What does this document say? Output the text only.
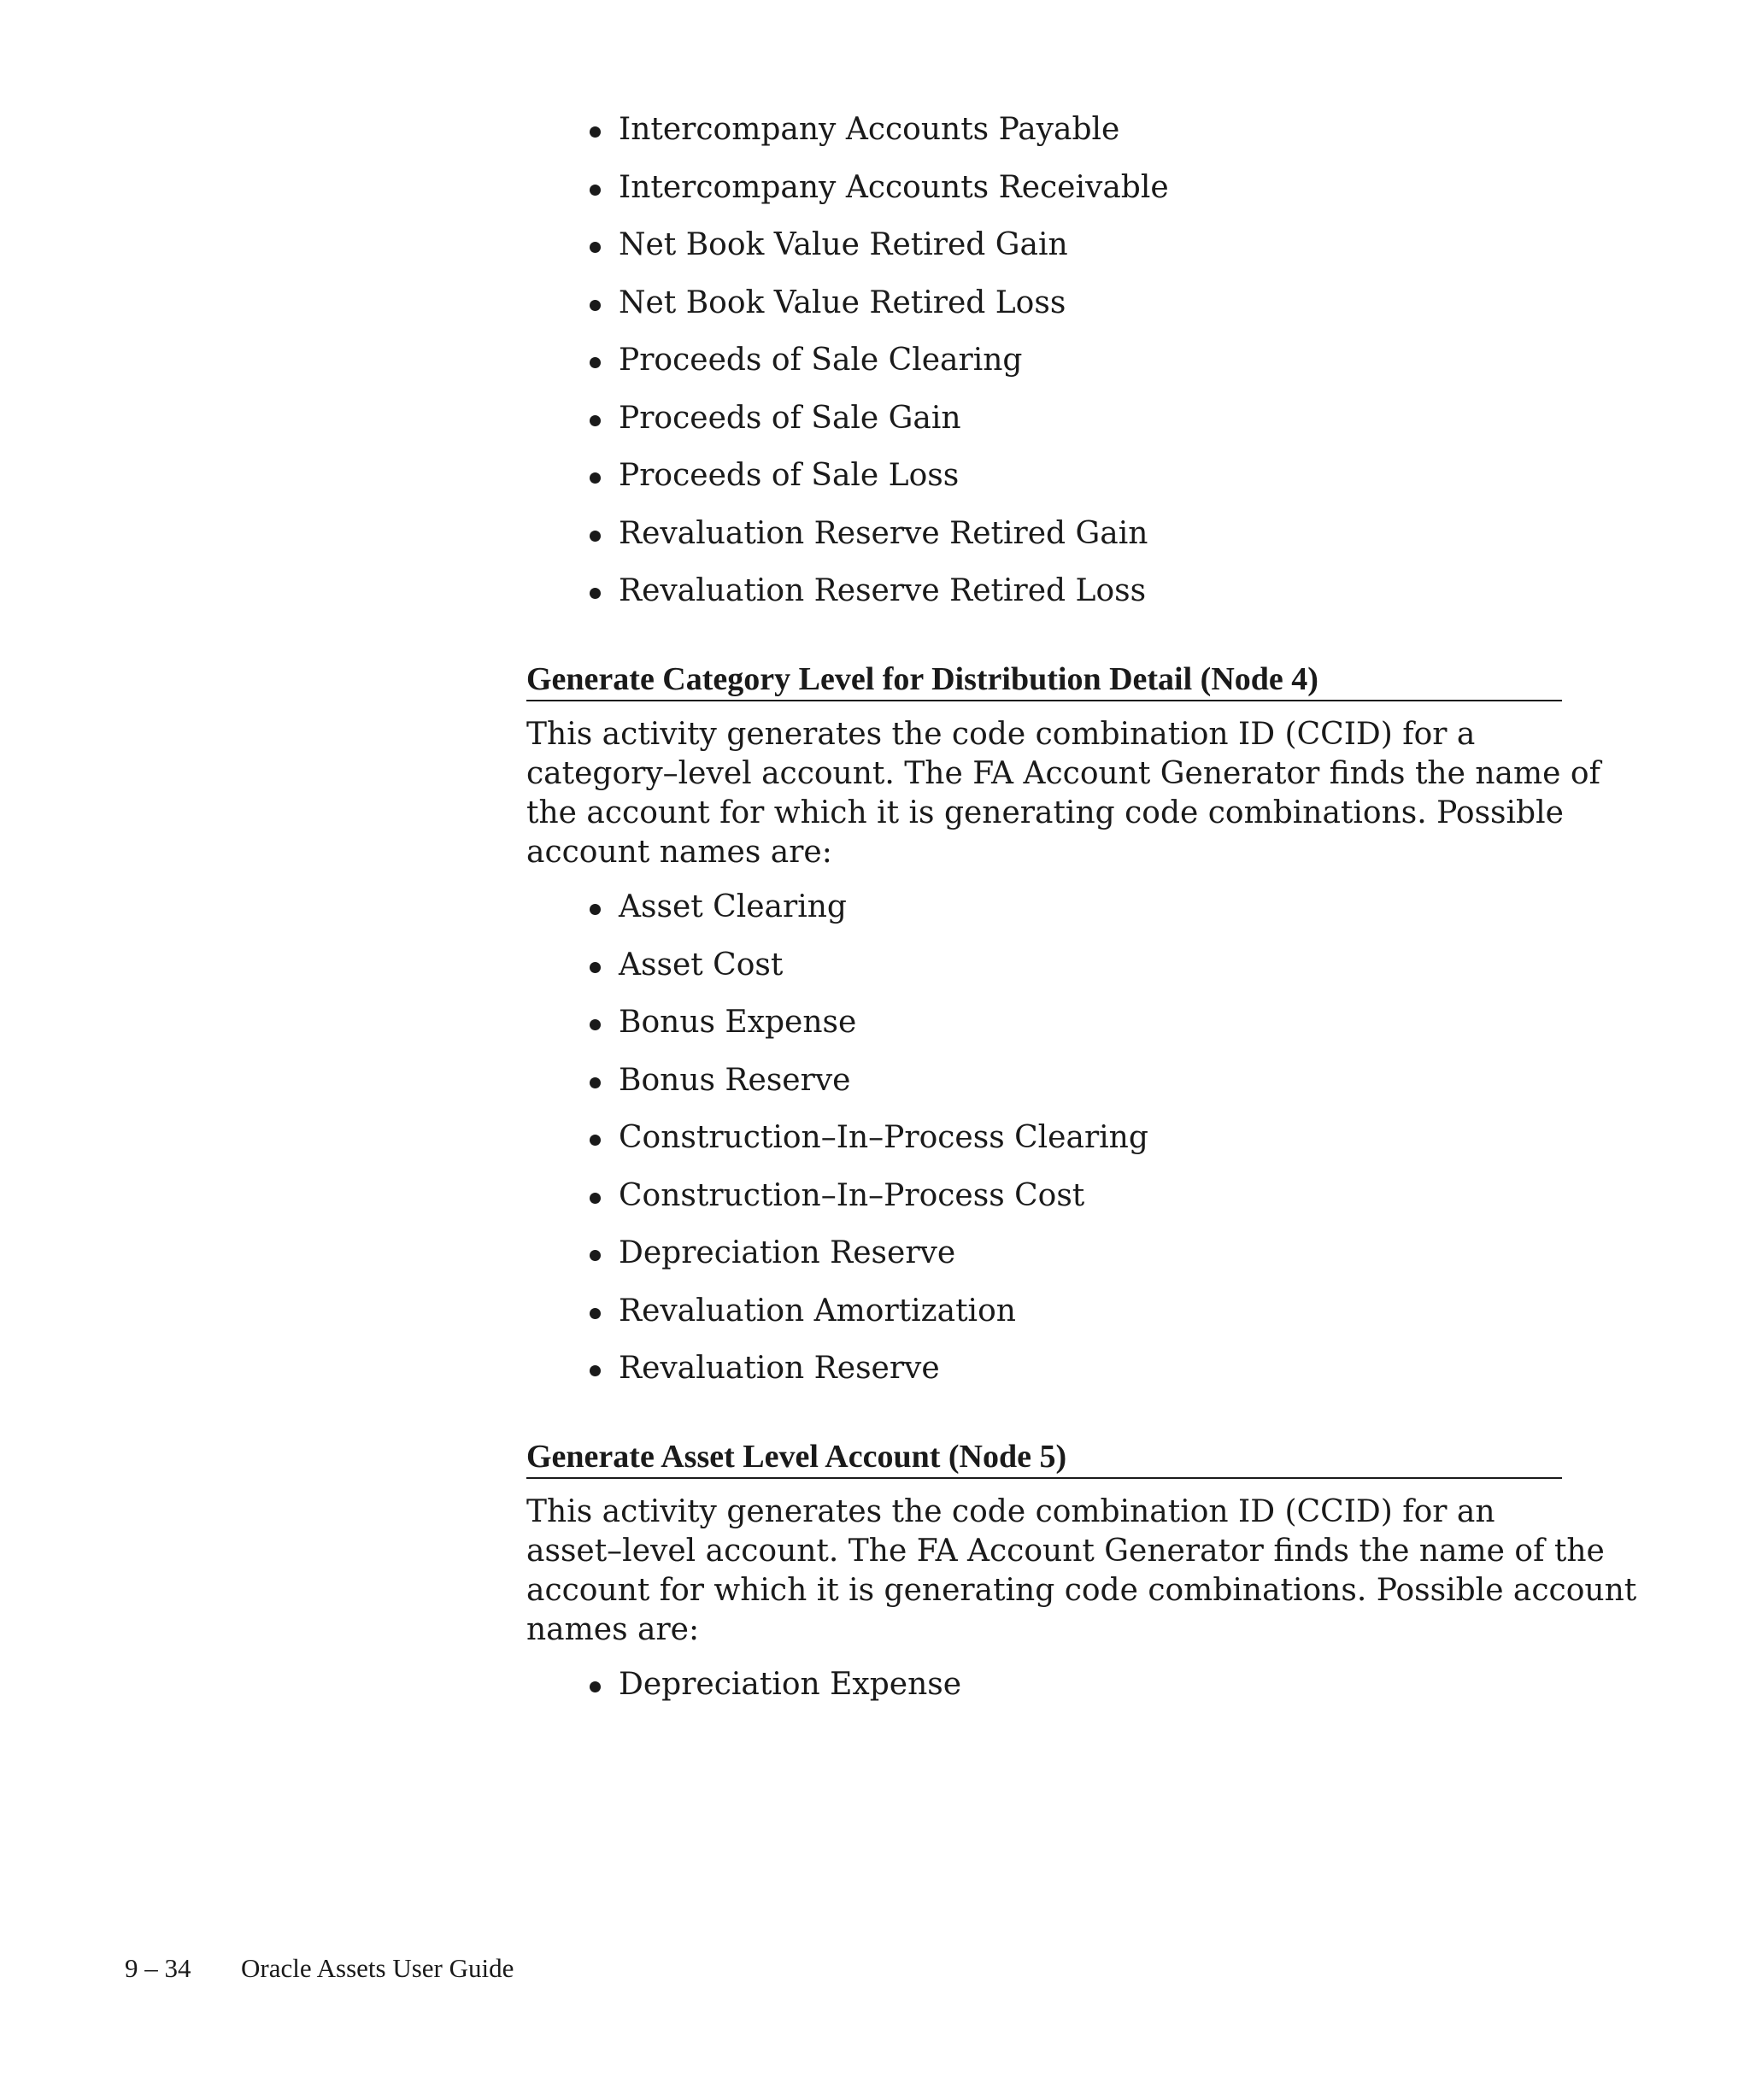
Intercompany Accounts Payable
Intercompany Accounts Receivable
Net Book Value Retired Gain
Net Book Value Retired Loss
Proceeds of Sale Clearing
Proceeds of Sale Gain
Proceeds of Sale Loss
Revaluation Reserve Retired Gain
Revaluation Reserve Retired Loss
Generate Category Level for Distribution Detail (Node 4)

This activity generates the code combination ID (CCID) for a
category–level account. The FA Account Generator finds the name of
the account for which it is generating code combinations. Possible
account names are:

Asset Clearing
Asset Cost
Bonus Expense
Bonus Reserve
Construction–In–Process Clearing
Construction–In–Process Cost
Depreciation Reserve
Revaluation Amortization
Revaluation Reserve
Generate Asset Level Account (Node 5)

This activity generates the code combination ID (CCID) for an
asset–level account. The FA Account Generator finds the name of the
account for which it is generating code combinations. Possible account
names are:

Depreciation Expense
9 – 34 Oracle Assets User Guide
